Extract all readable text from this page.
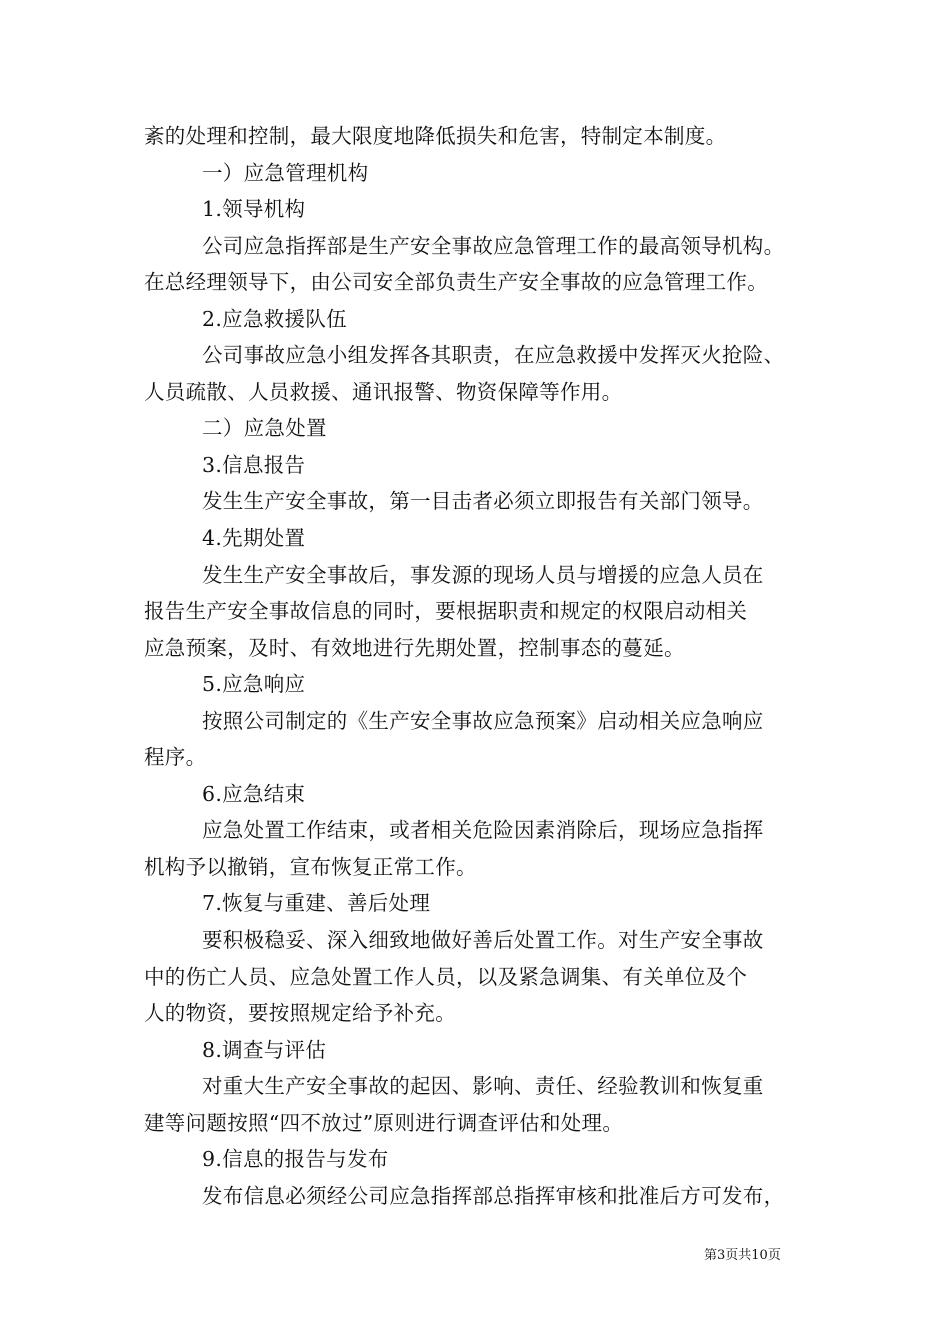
紊的处理和控制，最大限度地降低损失和危害，特制定本制度。
一）应急管理机构
1.领导机构
公司应急指挥部是生产安全事故应急管理工作的最高领导机构。
在总经理领导下，由公司安全部负责生产安全事故的应急管理工作。
2.应急救援队伍
公司事故应急小组发挥各其职责，在应急救援中发挥灭火抢险、
人员疏散、人员救援、通讯报警、物资保障等作用。
二）应急处置
3.信息报告
发生生产安全事故，第一目击者必须立即报告有关部门领导。
4.先期处置
发生生产安全事故后，事发源的现场人员与增援的应急人员在
报告生产安全事故信息的同时，要根据职责和规定的权限启动相关
应急预案，及时、有效地进行先期处置，控制事态的蔓延。
5.应急响应
按照公司制定的《生产安全事故应急预案》启动相关应急响应
程序。
6.应急结束
应急处置工作结束，或者相关危险因素消除后，现场应急指挥
机构予以撤销，宣布恢复正常工作。
7.恢复与重建、善后处理
要积极稳妥、深入细致地做好善后处置工作。对生产安全事故
中的伤亡人员、应急处置工作人员，以及紧急调集、有关单位及个
人的物资，要按照规定给予补充。
8.调查与评估
对重大生产安全事故的起因、影响、责任、经验教训和恢复重
建等问题按照“四不放过”原则进行调查评估和处理。
9.信息的报告与发布
发布信息必须经公司应急指挥部总指挥审核和批准后方可发布，
第3页共10页
